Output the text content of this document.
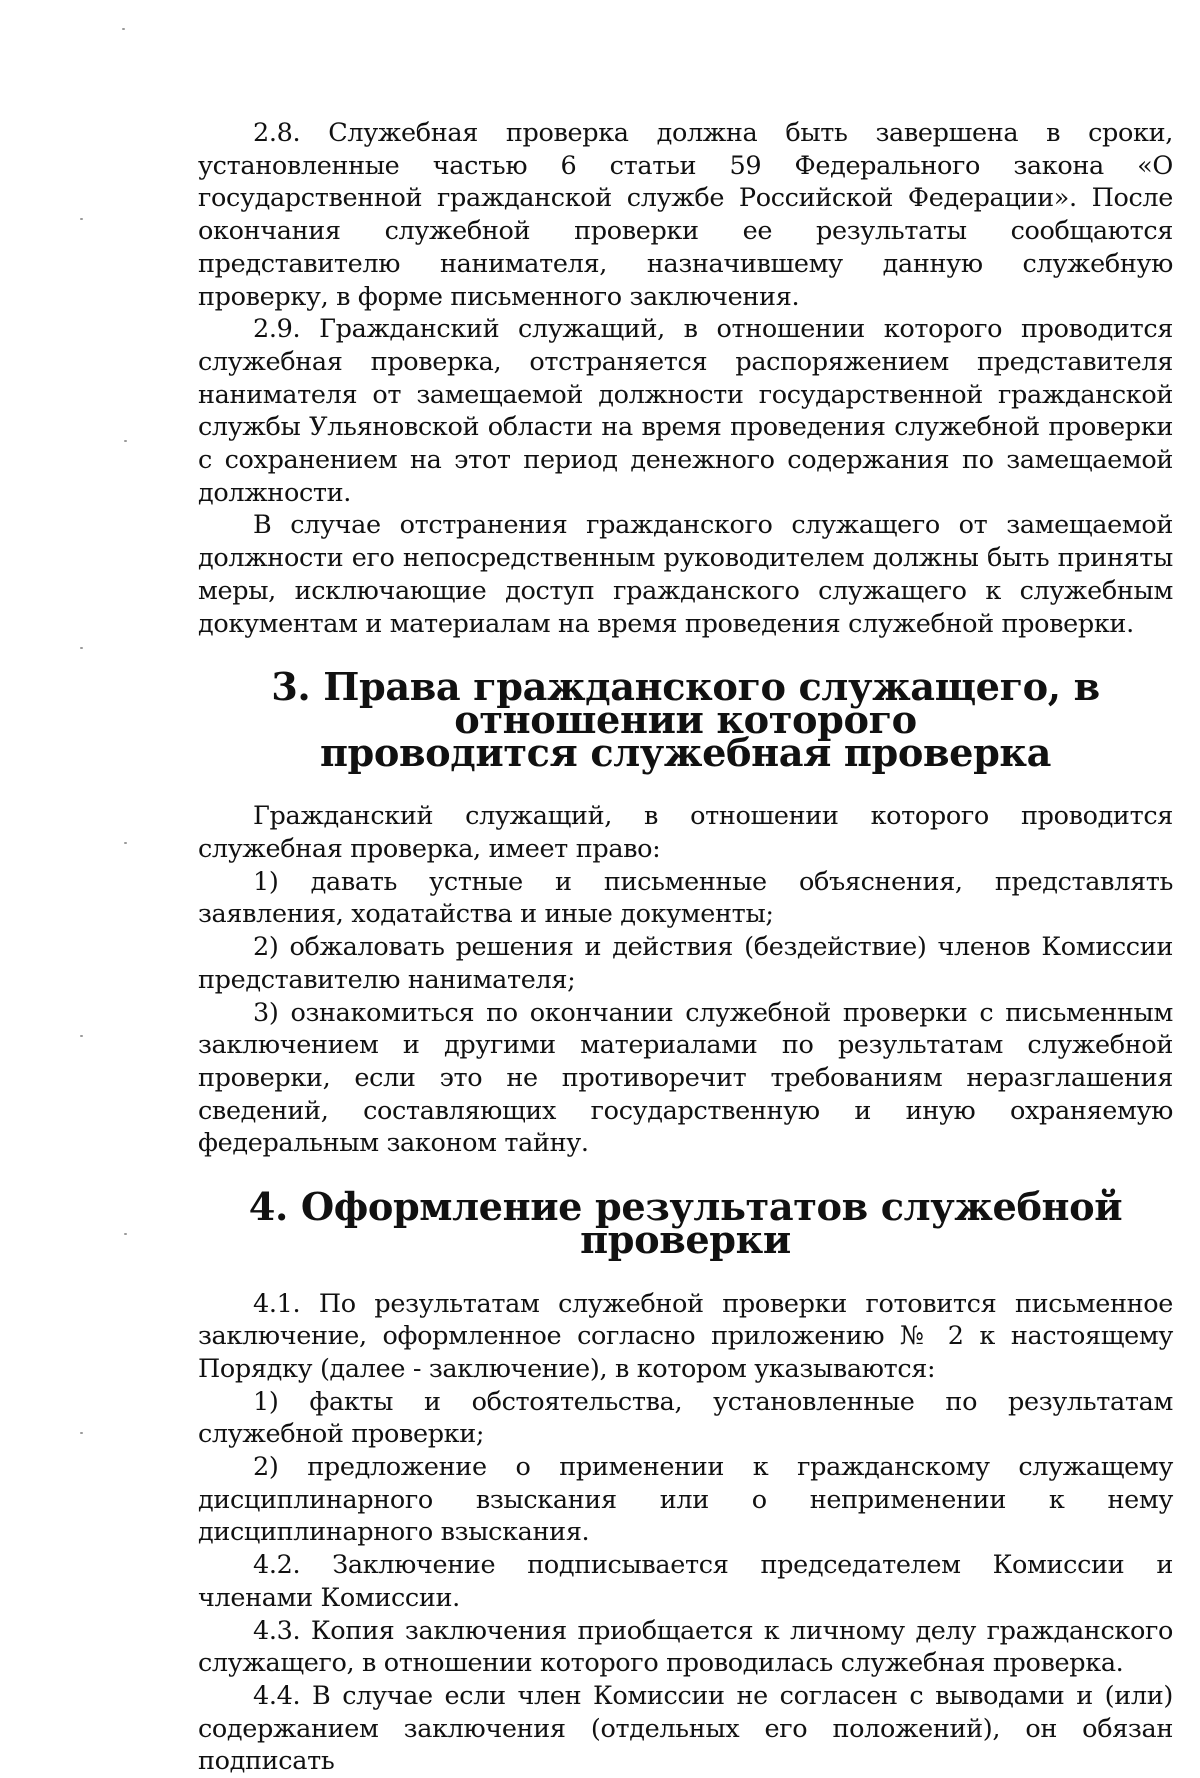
2.8. Служебная проверка должна быть завершена в сроки, установленные частью 6 статьи 59 Федерального закона «О государственной гражданской службе Российской Федерации». После окончания служебной проверки ее результаты сообщаются представителю нанимателя, назначившему данную служебную проверку, в форме письменного заключения.

2.9. Гражданский служащий, в отношении которого проводится служебная проверка, отстраняется распоряжением представителя нанимателя от замещаемой должности государственной гражданской службы Ульяновской области на время проведения служебной проверки с сохранением на этот период денежного содержания по замещаемой должности.

В случае отстранения гражданского служащего от замещаемой должности его непосредственным руководителем должны быть приняты меры, исключающие доступ гражданского служащего к служебным документам и материалам на время проведения служебной проверки.

3. Права гражданского служащего, в отношении которого
проводится служебная проверка

Гражданский служащий, в отношении которого проводится служебная проверка, имеет право:

1) давать устные и письменные объяснения, представлять заявления, ходатайства и иные документы;

2) обжаловать решения и действия (бездействие) членов Комиссии представителю нанимателя;

3) ознакомиться по окончании служебной проверки с письменным заключением и другими материалами по результатам служебной проверки, если это не противоречит требованиям неразглашения сведений, составляющих государственную и иную охраняемую федеральным законом тайну.

4. Оформление результатов служебной проверки

4.1. По результатам служебной проверки готовится письменное заключение, оформленное согласно приложению № 2 к настоящему Порядку (далее - заключение), в котором указываются:

1) факты и обстоятельства, установленные по результатам служебной проверки;

2) предложение о применении к гражданскому служащему дисциплинарного взыскания или о неприменении к нему дисциплинарного взыскания.

4.2. Заключение подписывается председателем Комиссии и членами Комиссии.

4.3. Копия заключения приобщается к личному делу гражданского служащего, в отношении которого проводилась служебная проверка.

4.4. В случае если член Комиссии не согласен с выводами и (или) содержанием заключения (отдельных его положений), он обязан подписать
